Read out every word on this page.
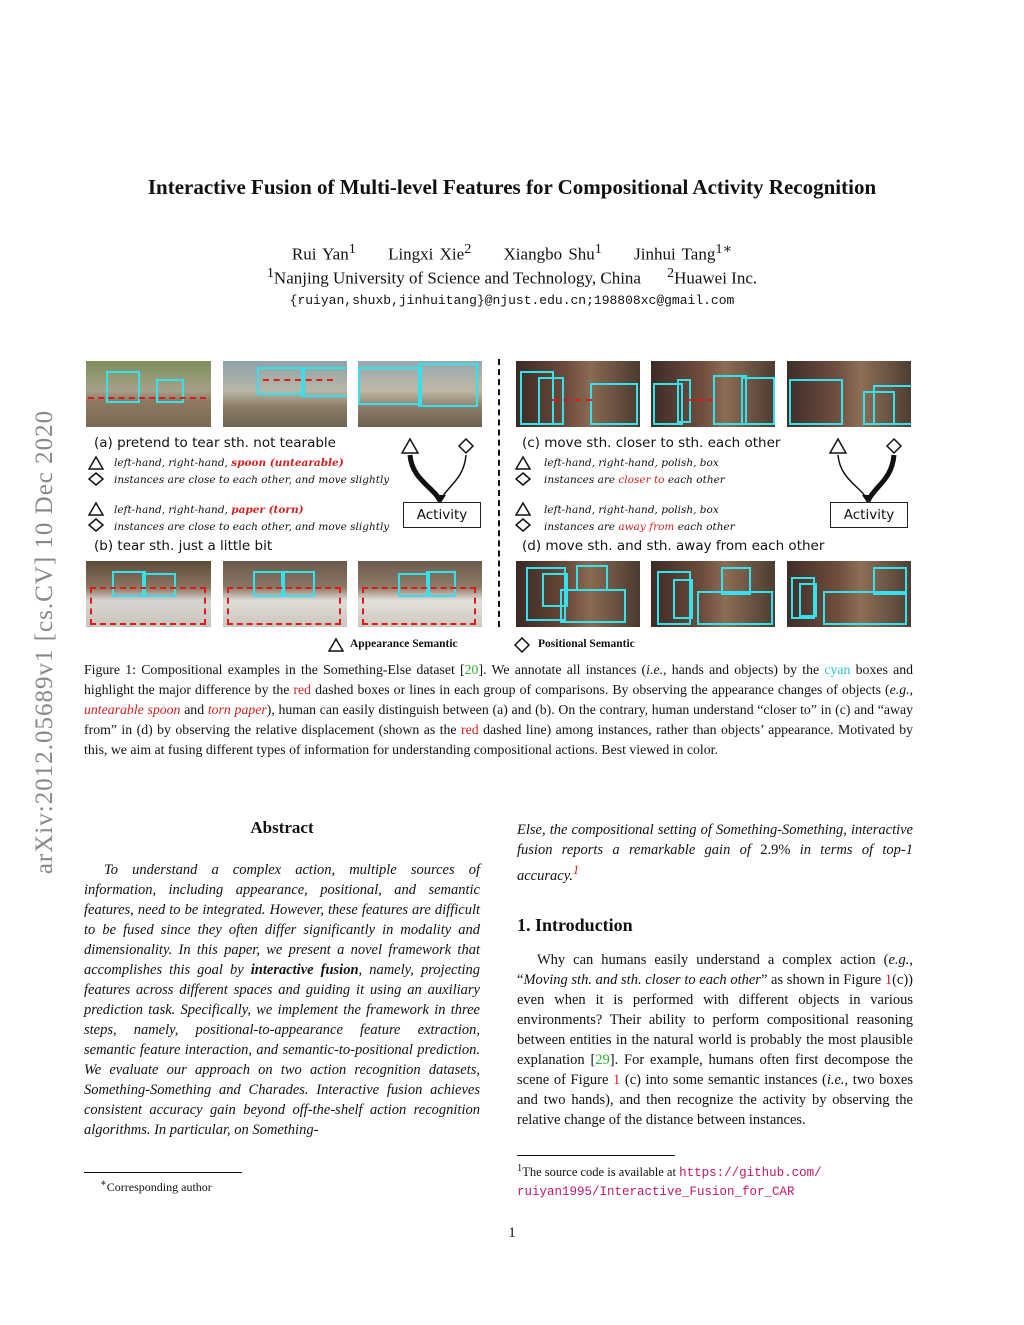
Interactive Fusion of Multi-level Features for Compositional Activity Recognition
Rui Yan$^1$ Lingxi Xie$^2$ Xiangbo Shu$^1$ Jinhui Tang$^{1∗}$
$^1$Nanjing University of Science and Technology, China $^2$Huawei Inc.
{ruiyan,shuxb,jinhuitang}@njust.edu.cn;198808xc@gmail.com
arXiv:2012.05689v1 [cs.CV] 10 Dec 2020	(a) pretend to tear sth. not tearable
left-hand, right-hand, spoon (untearable)
instances are close to each other, and move slightly
left-hand, right-hand, paper (torn)
instances are close to each other, and move slightly
(b) tear sth. just a little bit
Activity
(c) move sth. closer to sth. each other
left-hand, right-hand, polish, box
instances are closer to each other
left-hand, right-hand, polish, box
instances are away from each other
(d) move sth. and sth. away from each other
Activity
Appearance Semantic	Positional Semantic
Figure 1: Compositional examples in the Something-Else dataset [20]. We annotate all instances (i.e., hands and objects) by the cyan boxes and highlight the major difference by the red dashed boxes or lines in each group of comparisons. By observing the appearance changes of objects (e.g., untearable spoon and torn paper), human can easily distinguish between (a) and (b). On the contrary, human understand “closer to” in (c) and “away from” in (d) by observing the relative displacement (shown as the red dashed line) among instances, rather than objects’ appearance. Motivated by this, we aim at fusing different types of information for understanding compositional actions. Best viewed in color.
Abstract
To understand a complex action, multiple sources of information, including appearance, positional, and semantic features, need to be integrated. However, these features are difficult to be fused since they often differ significantly in modality and dimensionality. In this paper, we present a novel framework that accomplishes this goal by interactive fusion, namely, projecting features across different spaces and guiding it using an auxiliary prediction task. Specifically, we implement the framework in three steps, namely, positional-to-appearance feature extraction, semantic feature interaction, and semantic-to-positional prediction. We evaluate our approach on two action recognition datasets, Something-Something and Charades. Interactive fusion achieves consistent accuracy gain beyond off-the-shelf action recognition algorithms. In particular, on Something-
∗Corresponding author
Else, the compositional setting of Something-Something, interactive fusion reports a remarkable gain of 2.9% in terms of top-1 accuracy.$^1$
1. Introduction
Why can humans easily understand a complex action (e.g., “Moving sth. and sth. closer to each other” as shown in Figure 1(c)) even when it is performed with different objects in various environments? Their ability to perform compositional reasoning between entities in the natural world is probably the most plausible explanation [29]. For example, humans often first decompose the scene of Figure 1 (c) into some semantic instances (i.e., two boxes and two hands), and then recognize the activity by observing the relative change of the distance between instances.
$^1$The source code is available at https://github.com/
ruiyan1995/Interactive_Fusion_for_CAR
1
